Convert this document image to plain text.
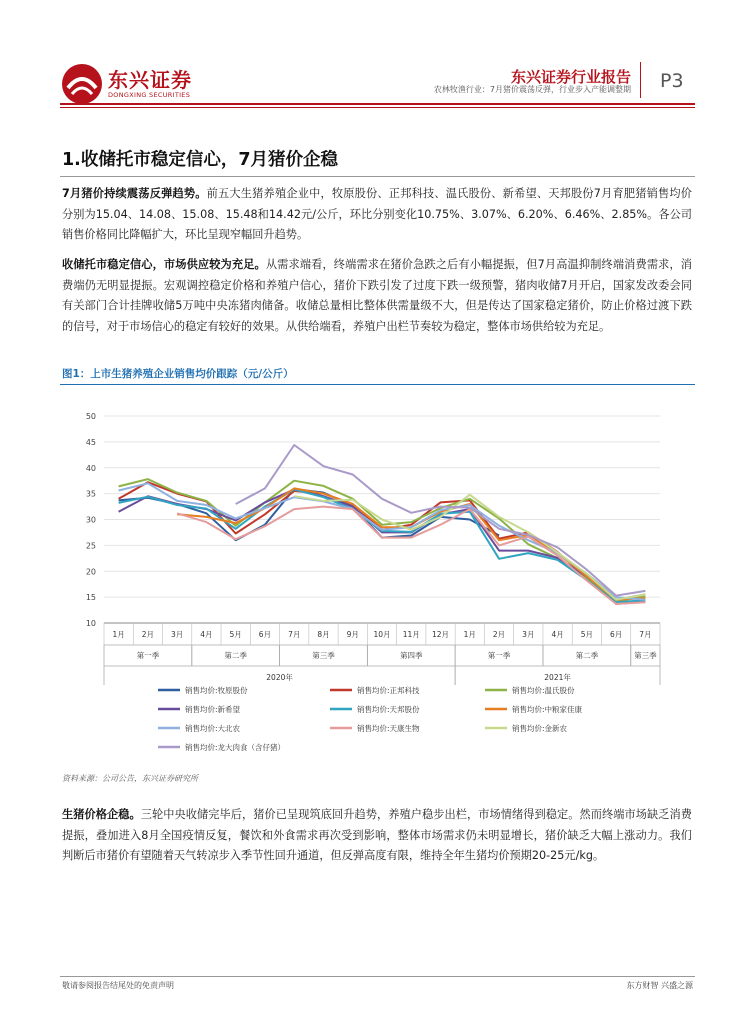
东兴证券
DONGXING SECURITIES
东兴证券行业报告
农林牧渔行业：7月猪价震荡反弹，行业步入产能调整期 P3
1.收储托市稳定信心，7月猪价企稳
7月猪价持续震荡反弹趋势。前五大生猪养殖企业中，牧原股份、正邦科技、温氏股份、新希望、天邦股份7月育肥猪销售均价分别为15.04、14.08、15.08、15.48和14.42元/公斤，环比分别变化10.75%、3.07%、6.20%、6.46%、2.85%。各公司销售价格同比降幅扩大，环比呈现窄幅回升趋势。
收储托市稳定信心，市场供应较为充足。从需求端看，终端需求在猪价急跌之后有小幅提振，但7月高温抑制终端消费需求，消费端仍无明显提振。宏观调控稳定价格和养殖户信心，猪价下跌引发了过度下跌一级预警，猪肉收储7月开启，国家发改委会同有关部门合计挂牌收储5万吨中央冻猪肉储备。收储总量相比整体供需量级不大，但是传达了国家稳定猪价，防止价格过渡下跌的信号，对于市场信心的稳定有较好的效果。从供给端看，养殖户出栏节奏较为稳定，整体市场供给较为充足。
图1：上市生猪养殖企业销售均价跟踪（元/公斤）
10
15
20
25
30
35
40
45
50
1月 2月 3月 4月 5月 6月 7月 8月 9月 10月 11月 12月 1月 2月 3月 4月 5月 6月 7月
第一季	第二季	第三季	第四季	第一季	第二季	第三季
2020年	2021年
销售均价:牧原股份	销售均价:正邦科技	销售均价:温氏股份
销售均价:新希望	销售均价:天邦股份	销售均价:中粮家佳康
销售均价:大北农	销售均价:天康生物	销售均价:金新农
销售均价:龙大肉食（含仔猪）
资料来源：公司公告，东兴证券研究所
生猪价格企稳。三轮中央收储完毕后，猪价已呈现筑底回升趋势，养殖户稳步出栏，市场情绪得到稳定。然而终端市场缺乏消费提振，叠加进入8月全国疫情反复，餐饮和外食需求再次受到影响，整体市场需求仍未明显增长，猪价缺乏大幅上涨动力。我们判断后市猪价有望随着天气转凉步入季节性回升通道，但反弹高度有限，维持全年生猪均价预期20-25元/kg。
敬请参阅报告结尾处的免责声明	东方财智 兴盛之源
